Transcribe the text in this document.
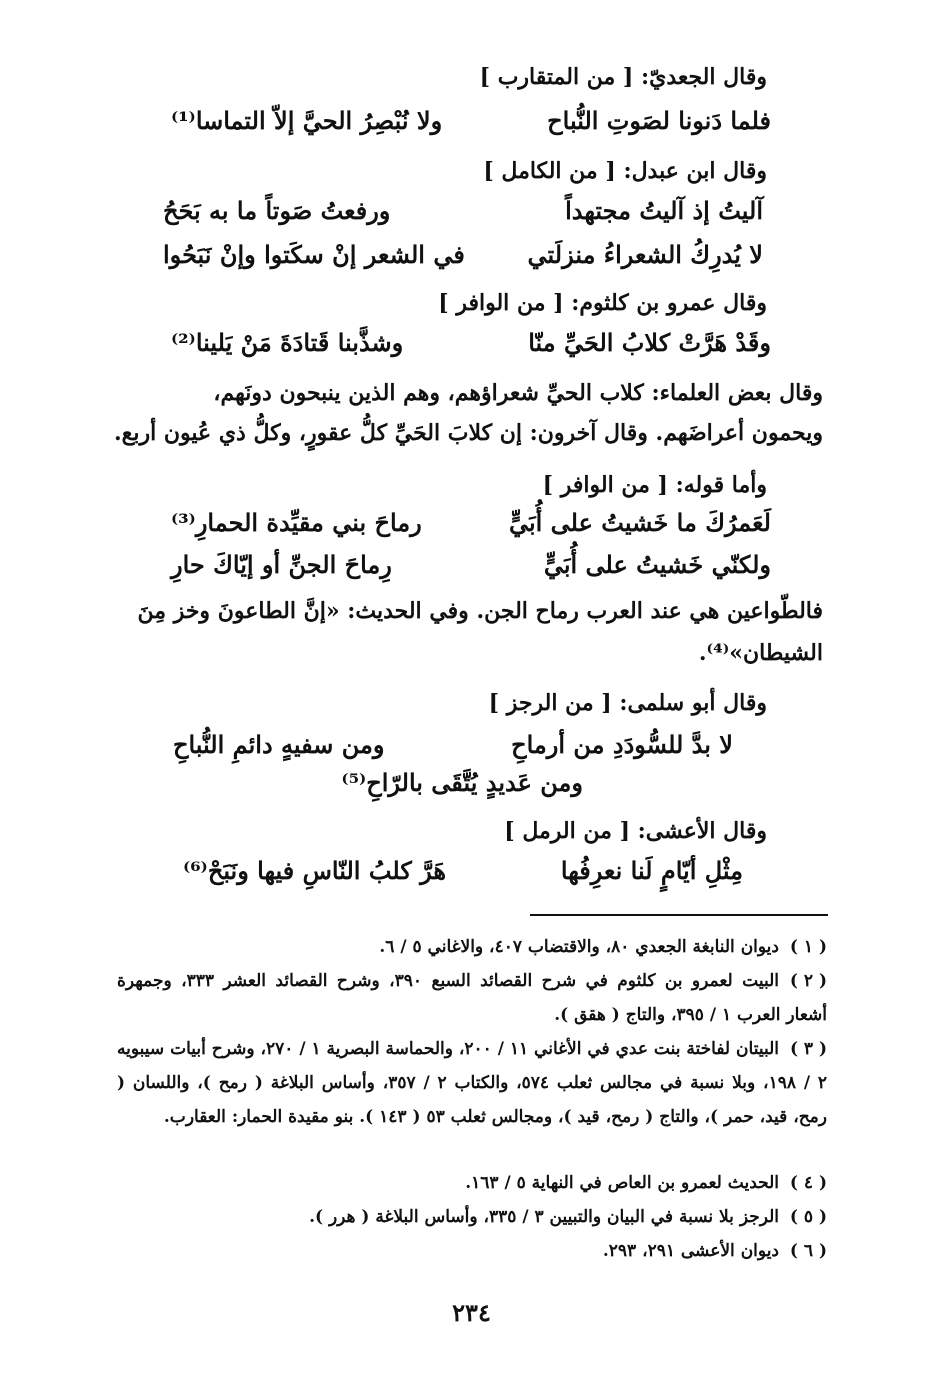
وقال الجعديّ: [ من المتقارب ]
فلما دَنونا لصَوتِ النُّباح
ولا نُبْصِرُ الحيَّ إلاّ التماسا⁽¹⁾
وقال ابن عبدل: [ من الكامل ]
آليتُ إذ آليتُ مجتهداً
ورفعتُ صَوتاً ما به بَحَحُ
لا يُدرِكُ الشعراءُ منزلَتي
في الشعر إنْ سكَتوا وإنْ نَبَحُوا
وقال عمرو بن كلثوم: [ من الوافر ]
وقَدْ هَرَّتْ كلابُ الحَيِّ منّا
وشذَّبنا قَتادَةَ مَنْ يَلينا⁽²⁾
وقال بعض العلماء: كلاب الحيِّ شعراؤهم، وهم الذين ينبحون دونَهم،
ويحمون أعراضَهم. وقال آخرون: إن كلابَ الحَيِّ كلُّ عقورٍ، وكلُّ ذي عُيون أربع.
وأما قوله: [ من الوافر ]
لَعَمرُكَ ما خَشيتُ على أُبَيٍّ
رماحَ بني مقيِّدة الحمارِ⁽³⁾
ولكنّي خَشيتُ على أُبَيٍّ
رِماحَ الجنِّ أو إيّاكَ حارِ
فالطّواعين هي عند العرب رماح الجن. وفي الحديث: «إنَّ الطاعونَ وخز مِنَ
الشيطان»⁽⁴⁾.
وقال أبو سلمى: [ من الرجز ]
لا بدَّ للسُّودَدِ من أرماحِ
ومن سفيهٍ دائمِ النُّباحِ
ومن عَديدٍ يُتَّقَى بالرّاحِ⁽⁵⁾
وقال الأعشى: [ من الرمل ]
مِثْلِ أيّامٍ لَنا نعرِفُها
هَرَّ كلبُ النّاسِ فيها ونَبَحْ⁽⁶⁾
( ١ )ديوان النابغة الجعدي ٨٠، والاقتضاب ٤٠٧، والاغاني ٥ / ٦.
( ٢ )البيت لعمرو بن كلثوم في شرح القصائد السبع ٣٩٠، وشرح القصائد العشر ٣٣٣، وجمهرة أشعار العرب ١ / ٣٩٥، والتاج ( هقق ).
( ٣ )البيتان لفاختة بنت عدي في الأغاني ١١ / ٢٠٠، والحماسة البصرية ١ / ٢٧٠، وشرح أبيات سيبويه ٢ / ١٩٨، وبلا نسبة في مجالس ثعلب ٥٧٤، والكتاب ٢ / ٣٥٧، وأساس البلاغة ( رمح )، واللسان ( رمح، قيد، حمر )، والتاج ( رمح، قيد )، ومجالس ثعلب ٥٣ ( ١٤٣ ). بنو مقيدة الحمار: العقارب.
( ٤ )الحديث لعمرو بن العاص في النهاية ٥ / ١٦٣.
( ٥ )الرجز بلا نسبة في البيان والتبيين ٣ / ٣٣٥، وأساس البلاغة ( هرر ).
( ٦ )ديوان الأعشى ٢٩١، ٢٩٣.
٢٣٤
